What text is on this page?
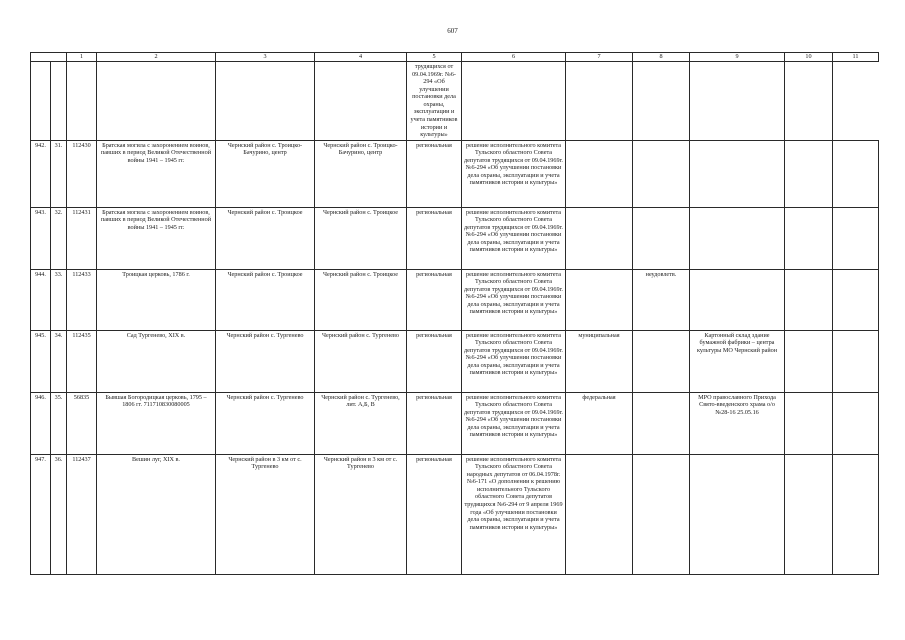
607
		1	2	3	4	5	6	7	8	9	10	11
						трудящихся от 09.04.1969г. №6-294 «Об улучшении постановки дела охраны, эксплуатации и учета памятников истории и культуры»						
942.	31.	112430	Братская могила с захоронением воинов, павших в период Великой Отечественной войны 1941 – 1945 гг.	Чернский район с. Троицко-Бачурино, центр	Чернский район с. Троицко-Бачурино, центр	региональная	решение исполнительного комитета Тульского областного Совета депутатов трудящихся от 09.04.1969г. №6-294 «Об улучшении постановки дела охраны, эксплуатации и учета памятников истории и культуры»					
943.	32.	112431	Братская могила с захоронением воинов, павших в период Великой Отечественной войны 1941 – 1945 гг.	Чернский район с. Троицкое	Чернский район с. Троицкое	региональная	решение исполнительного комитета Тульского областного Совета депутатов трудящихся от 09.04.1969г. №6-294 «Об улучшении постановки дела охраны, эксплуатации и учета памятников истории и культуры»					
944.	33.	112433	Троицкая церковь, 1786 г.	Чернский район с. Троицкое	Чернский район с. Троицкое	региональная	решение исполнительного комитета Тульского областного Совета депутатов трудящихся от 09.04.1969г. №6-294 «Об улучшении постановки дела охраны, эксплуатации и учета памятников истории и культуры»		неудовлетв.			
945.	34.	112435	Сад Тургенево, XIX в.	Чернский район с. Тургенево	Чернский район с. Тургенево	региональная	решение исполнительного комитета Тульского областного Совета депутатов трудящихся от 09.04.1969г. №6-294 «Об улучшении постановки дела охраны, эксплуатации и учета памятников истории и культуры»	муниципальная		Картонный склад здание бумажной фабрики – центра культуры МО Чернский район		
946.	35.	56835	Бывшая Богородицкая церковь, 1795 – 1806 гг. 711710830080005	Чернский район с. Тургенево	Чернский район с. Тургенево, лит. А,Б, В	региональная	решение исполнительного комитета Тульского областного Совета депутатов трудящихся от 09.04.1969г. №6-294 «Об улучшении постановки дела охраны, эксплуатации и учета памятников истории и культуры»	федеральная		МРО православного Прихода Свято-введенского храма о/о №28-16 25.05.16		
947.	36.	112437	Вешин луг, XIX в.	Чернский район в 3 км от с. Тургенево	Чернский район в 3 км от с. Тургенево	региональная	решение исполнительного комитета Тульского областного Совета народных депутатов от 06.04.1978г. №6-171 «О дополнении к решению исполнительного Тульского областного Совета депутатов трудящихся №6-294 от 9 апреля 1969 года «Об улучшении постановки дела охраны, эксплуатации и учета памятников истории и культуры»					
